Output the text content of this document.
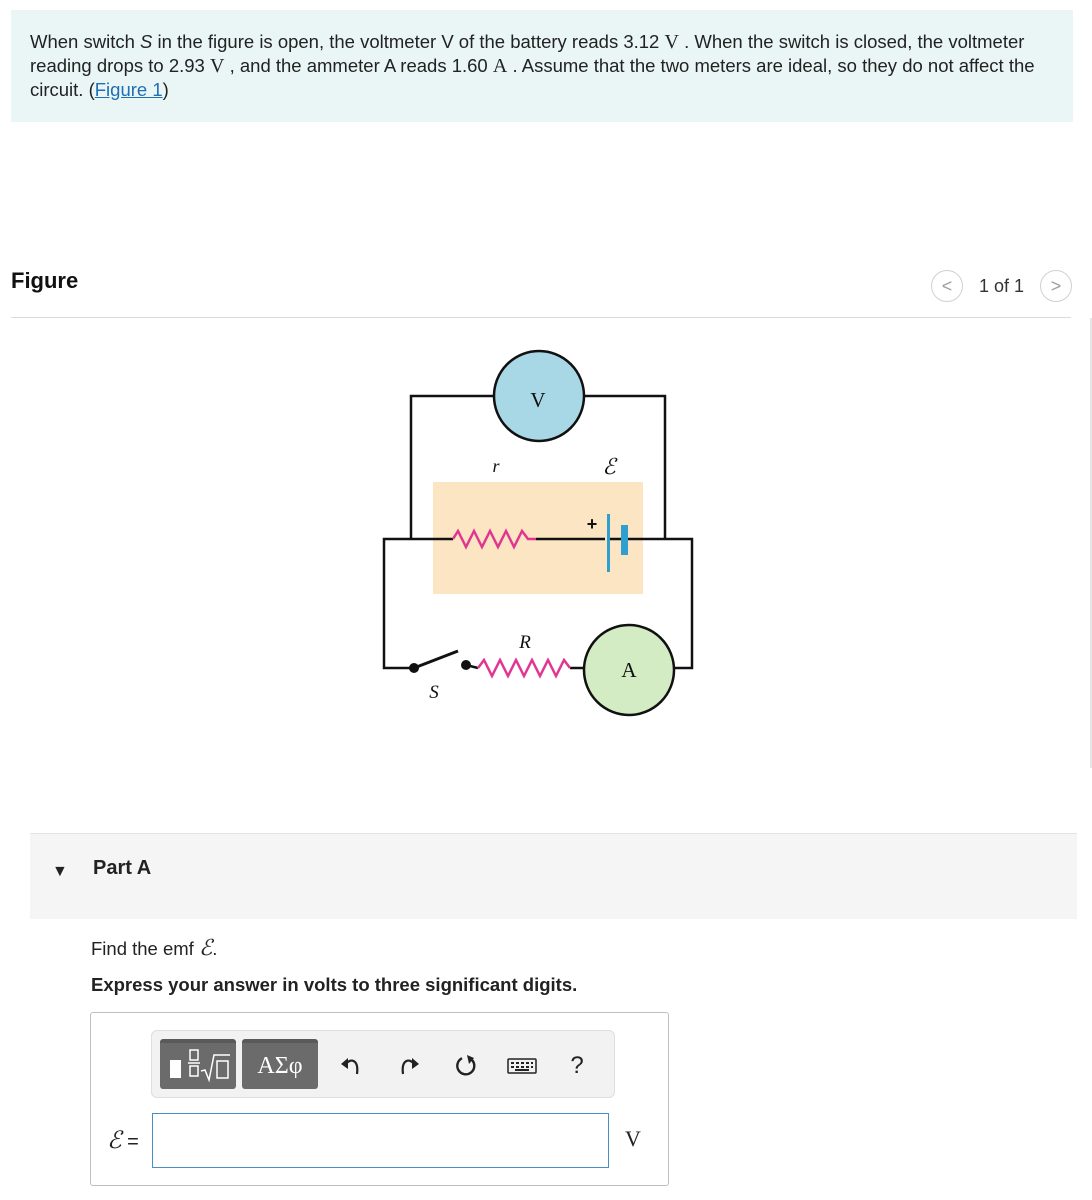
When switch S in the figure is open, the voltmeter V of the battery reads 3.12 V . When the switch is closed, the voltmeter reading drops to 2.93 V , and the ammeter A reads 1.60 A . Assume that the two meters are ideal, so they do not affect the circuit. (Figure 1)
Figure	< 1 of 1 >
V
A
r	ℰ
+
R
S
▼ Part A
Find the emf ℰ.
Express your answer in volts to three significant digits.
ΑΣφ	?
ℰ =	V
